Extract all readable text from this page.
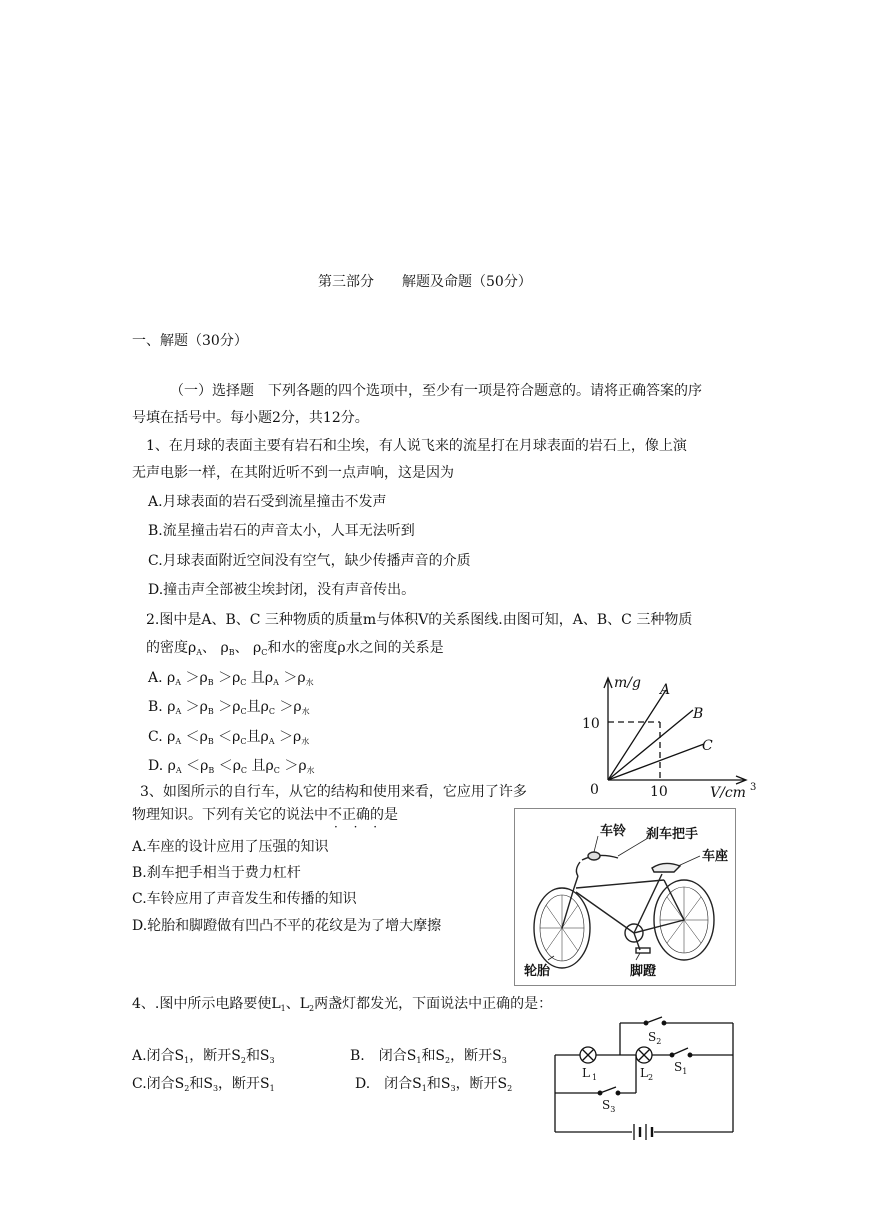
第三部分　　解题及命题（50分）
一、解题（30分）
（一）选择题　下列各题的四个选项中，至少有一项是符合题意的。请将正确答案的序
号填在括号中。每小题2分，共12分。
1、在月球的表面主要有岩石和尘埃，有人说飞来的流星打在月球表面的岩石上，像上演
无声电影一样，在其附近听不到一点声响，这是因为
A.月球表面的岩石受到流星撞击不发声
B.流星撞击岩石的声音太小，人耳无法听到
C.月球表面附近空间没有空气，缺少传播声音的介质
D.撞击声全部被尘埃封闭，没有声音传出。
2.图中是A、B、C 三种物质的质量m与体积V的关系图线.由图可知，A、B、C 三种物质
的密度$\rho_A$、 $\rho_B$、 $\rho_C$和水的密度ρ水之间的关系是
A. $\rho_A >\rho_B >\rho_C$ 且$\rho_A >\rho_水$
B. $\rho_A >\rho_B >\rho_C$且$\rho_C >\rho_水$
C. $\rho_A <\rho_B <\rho_C$且$\rho_A >\rho_水$
D. $\rho_A <\rho_B <\rho_C$ 且$\rho_C >\rho_水$
m/g A
B
C
10
0	10	V/cm 3
3、如图所示的自行车，从它的结构和使用来看，它应用了许多
物理知识。下列有关它的说法中不正确
· · ·
的是
A.车座的设计应用了压强的知识
B.刹车把手相当于费力杠杆
C.车铃应用了声音发生和传播的知识
D.轮胎和脚蹬做有凹凸不平的花纹是为了增大摩擦
车铃 刹车把手
车座
轮胎	脚蹬
4、.图中所示电路要使$L_1$、$L_2$两盏灯都发光，下面说法中正确的是：
A.闭合$S_1$，断开$S_2$和$S_3$	B.　闭合$S_1$和$S_2$，断开$S_3$
C.闭合$S_2$和$S_3$，断开$S_1$	D.　闭合$S_1$和$S_3$，断开$S_2$
$S_2$
L $_1$	$L_2$
$S_1$
$S_3$
